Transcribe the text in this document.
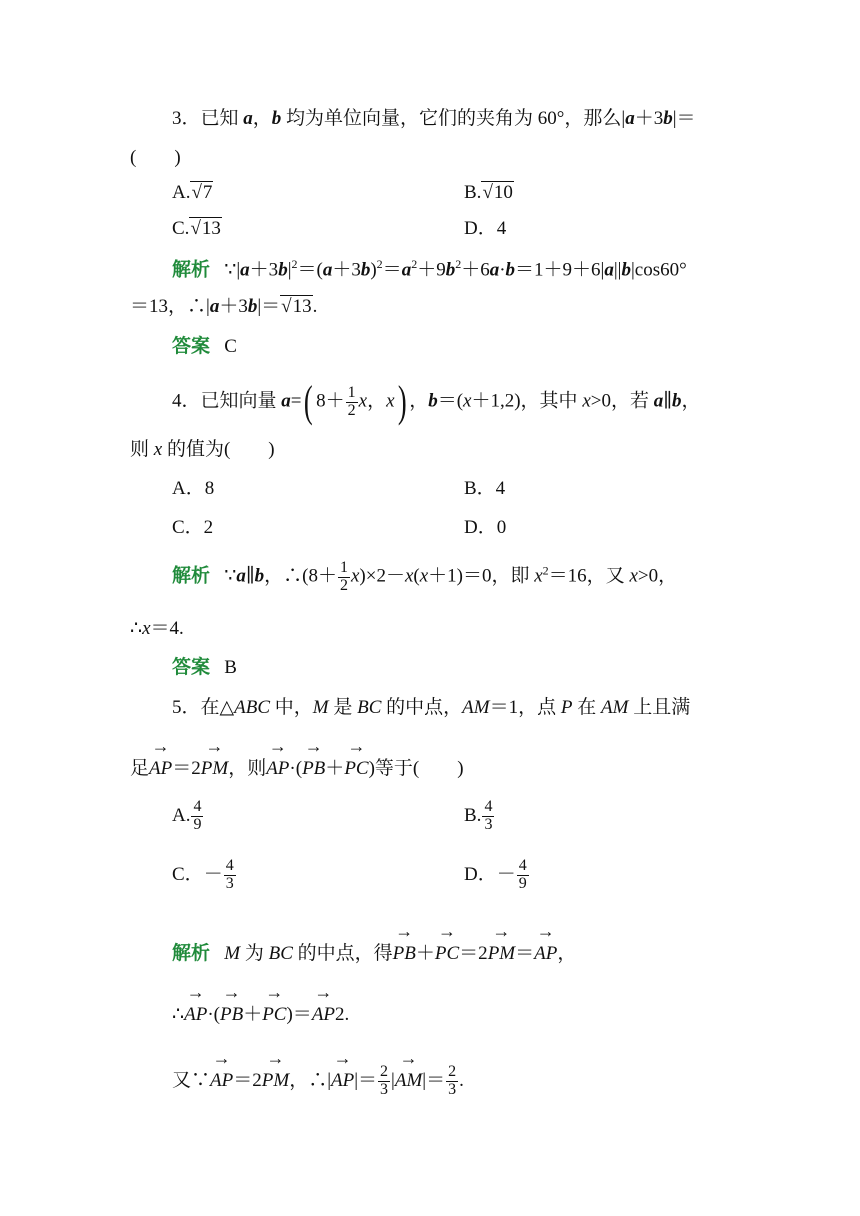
3．已知 a，b 均为单位向量，它们的夹角为 60°，那么|a＋3b|＝
(　　)
A. √ 7	B. √ 10
C. √ 13	D．4
解析 $\because|a+3b|^2=(a+3b)^2=a^2+9b^2+6a\cdot b=1+9+6|a||b|\cos 60^\circ$
＝13，∴|a＋3b|＝ √ 13.
答案 C
4．已知向量 a=( $8+ \frac{1}{2}$ x，x) ，b＝(x＋1,2)，其中 x>0，若 a∥b，
则 x 的值为(　　)
A．8	B．4
C．2	D．0
解析 ∵a∥b，∴(8＋ $\frac{1}{2} x)\times 2-x(x+1)=0$，即 $x^2=16$，又 x>0，
∴x＝4.
答案 B
5．在△ABC 中，M 是 BC 的中点，AM＝1，点 P 在 AM 上且满
足→ AP＝2→ PM，则→ AP·(→ PB＋→ PC)等于(　　)
A. $\frac{4}{9}$	B. $\frac{4}{3}$
C．－ $\frac{4}{3}$	D．－ $\frac{4}{9}$
解析 M 为 BC 的中点，得→ PB＋→ PC＝2→ PM＝→ AP，
∴→ AP·(→ PB＋→ PC)＝→ AP2.
又∵→ AP＝2→ PM，∴|→ $AP|= \frac{2}{3}$ |→ $AM|= \frac{2}{3}$ .
